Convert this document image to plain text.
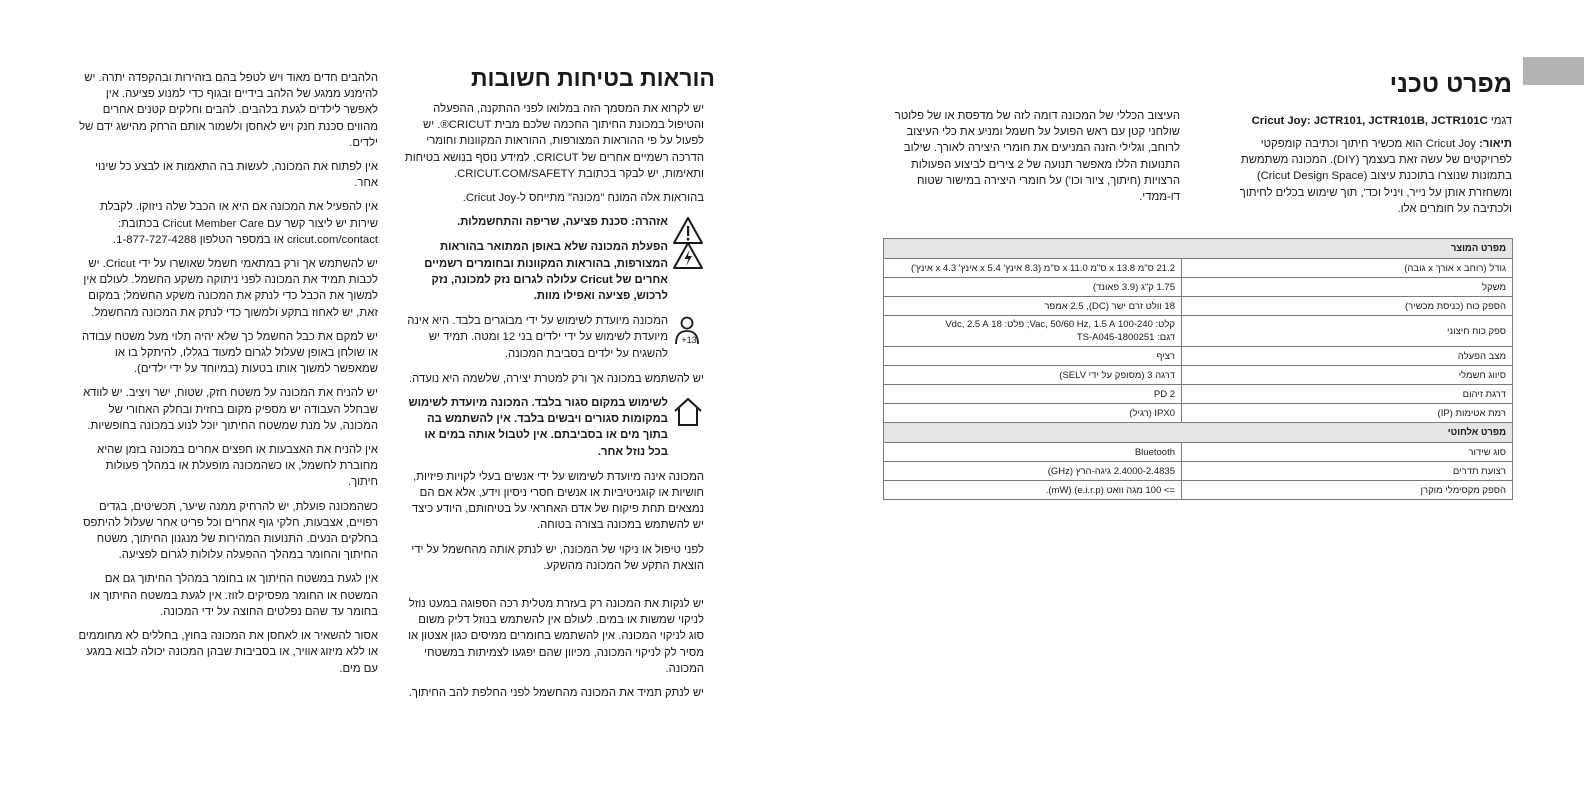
מפרט טכני
דגמי Cricut Joy: JCTR101, JCTR101B, JCTR101C
תיאור: Cricut Joy הוא מכשיר חיתוך וכתיבה קומפקטי לפרויקטים של עשה זאת בעצמך (DIY). המכונה משתמשת בתמונות שנוצרו בתוכנת עיצוב (Cricut Design Space) ומשחזרת אותן על נייר, ויניל וכד', תוך שימוש בכלים לחיתוך ולכתיבה על חומרים אלו.
העיצוב הכללי של המכונה דומה לזה של מדפסת או של פלוטר שולחני קטן עם ראש הפועל על חשמל ומניע את כלי העיצוב לרוחב, וגלילי הזנה המניעים את חומרי היצירה לאורך. שילוב התנועות הללו מאפשר תנועה של 2 צירים לביצוע הפעולות הרצויות (חיתוך, ציור וכו') על חומרי היצירה במישור שטוח דו-ממדי.
מפרט המוצר	
גודל (רוחב x אורך x גובה)	21.2 ס"מ x 13.8 ס"מ x 11.0 ס"מ (8.3 אינץ' x 5.4 אינץ' x 4.3 אינץ')
משקל	1.75 ק"ג (3.9 פאונד)
הספק כוח (כניסת מכשיר)	18 וולט זרם ישר (DC), 2.5 אמפר
ספק כוח חיצוני	קלט: 100-240 Vac, 50/60 Hz, 1.5 A; פלט: 18 Vdc, 2.5 A
דגם: TS-A045-1800251

מצב הפעלה	רציף
סיווג חשמלי	דרגה 3 (מסופק על ידי SELV)
דרגת זיהום	2 PD
רמת אטימות (IP)	IPX0 (רגיל)
מפרט אלחוטי	
סוג שידור	Bluetooth
רצועת תדרים	2.4000-2.4835 גיגה-הרץ (GHz)
הספק מקסימלי מוקרן	=> 100 מגה וואט (e.i.r.p) (mW).
הוראות בטיחות חשובות

יש לקרוא את המסמך הזה במלואו לפני ההתקנה, ההפעלה והטיפול במכונת החיתוך החכמה שלכם מבית CRICUT®. יש לפעול על פי ההוראות המצורפות, ההוראות המקוונות וחומרי הדרכה רשמיים אחרים של CRICUT. למידע נוסף בנושא בטיחות ותאימות, יש לבקר בכתובת CRICUT.COM/SAFETY.

בהוראות אלה המונח "מכונה" מתייחס ל-Cricut Joy.

אזהרה: סכנת פציעה, שריפה והתחשמלות.
הפעלת המכונה שלא באופן המתואר בהוראות המצורפות, בהוראות המקוונות ובחומרים רשמיים אחרים של Cricut עלולה לגרום נזק למכונה, נזק לרכוש, פציעה ואפילו מוות.
13+
המכונה מיועדת לשימוש על ידי מבוגרים בלבד. היא אינה מיועדת לשימוש על ידי ילדים בני 12 ומטה. תמיד יש להשגיח על ילדים בסביבת המכונה.

יש להשתמש במכונה אך ורק למטרת יצירה, שלשמה היא נועדה.

לשימוש במקום סגור בלבד. המכונה מיועדת לשימוש במקומות סגורים ויבשים בלבד. אין להשתמש בה בתוך מים או בסביבתם. אין לטבול אותה במים או בכל נוזל אחר.

המכונה אינה מיועדת לשימוש על ידי אנשים בעלי לקויות פיזיות, חושיות או קוגניטיביות או אנשים חסרי ניסיון וידע, אלא אם הם נמצאים תחת פיקוח של אדם האחראי על בטיחותם, היודע כיצד יש להשתמש במכונה בצורה בטוחה.

לפני טיפול או ניקוי של המכונה, יש לנתק אותה מהחשמל על ידי הוצאת התקע של המכונה מהשקע.

יש לנקות את המכונה רק בעזרת מטלית רכה הספוגה במעט נוזל לניקוי שמשות או במים. לעולם אין להשתמש בנוזל דליק משום סוג לניקוי המכונה. אין להשתמש בחומרים ממיסים כגון אצטון או מסיר לק לניקוי המכונה, מכיוון שהם יפגעו לצמיתות במשטחי המכונה.

יש לנתק תמיד את המכונה מהחשמל לפני החלפת להב החיתוך.

הלהבים חדים מאוד ויש לטפל בהם בזהירות ובהקפדה יתרה. יש להימנע ממגע של הלהב בידיים ובגוף כדי למנוע פציעה. אין לאפשר לילדים לגעת בלהבים. להבים וחלקים קטנים אחרים מהווים סכנת חנק ויש לאחסן ולשמור אותם הרחק מהישג ידם של ילדים.

אין לפתוח את המכונה, לעשות בה התאמות או לבצע כל שינוי אחר.

אין להפעיל את המכונה אם היא או הכבל שלה ניזוקו. לקבלת שירות יש ליצור קשר עם Cricut Member Care בכתובת: cricut.com/contact או במספר הטלפון 1-877-727-4288.

יש להשתמש אך ורק במתאמי חשמל שאושרו על ידי Cricut. יש לכבות תמיד את המכונה לפני ניתוקה משקע החשמל. לעולם אין למשוך את הכבל כדי לנתק את המכונה משקע החשמל; במקום זאת, יש לאחוז בתקע ולמשוך כדי לנתק את המכונה מהחשמל.

יש למקם את כבל החשמל כך שלא יהיה תלוי מעל משטח עבודה או שולחן באופן שעלול לגרום למעוד בגללו, להיתקל בו או שמאפשר למשוך אותו בטעות (במיוחד על ידי ילדים).

יש להניח את המכונה על משטח חזק, שטוח, ישר ויציב. יש לוודא שבחלל העבודה יש מספיק מקום בחזית ובחלק האחורי של המכונה, על מנת שמשטח החיתוך יוכל לנוע במכונה בחופשיות.

אין להניח את האצבעות או חפצים אחרים במכונה בזמן שהיא מחוברת לחשמל, או כשהמכונה מופעלת או במהלך פעולות חיתוך.

כשהמכונה פועלת, יש להרחיק ממנה שיער, תכשיטים, בגדים רפויים, אצבעות, חלקי גוף אחרים וכל פריט אחר שעלול להיתפס בחלקים הנעים. התנועות המהירות של מנגנון החיתוך, משטח החיתוך והחומר במהלך ההפעלה עלולות לגרום לפציעה.

אין לגעת במשטח החיתוך או בחומר במהלך החיתוך גם אם המשטח או החומר מפסיקים לזוז. אין לגעת במשטח החיתוך או בחומר עד שהם נפלטים החוצה על ידי המכונה.

אסור להשאיר או לאחסן את המכונה בחוץ, בחללים לא מחוממים או ללא מיזוג אוויר, או בסביבות שבהן המכונה יכולה לבוא במגע עם מים.
